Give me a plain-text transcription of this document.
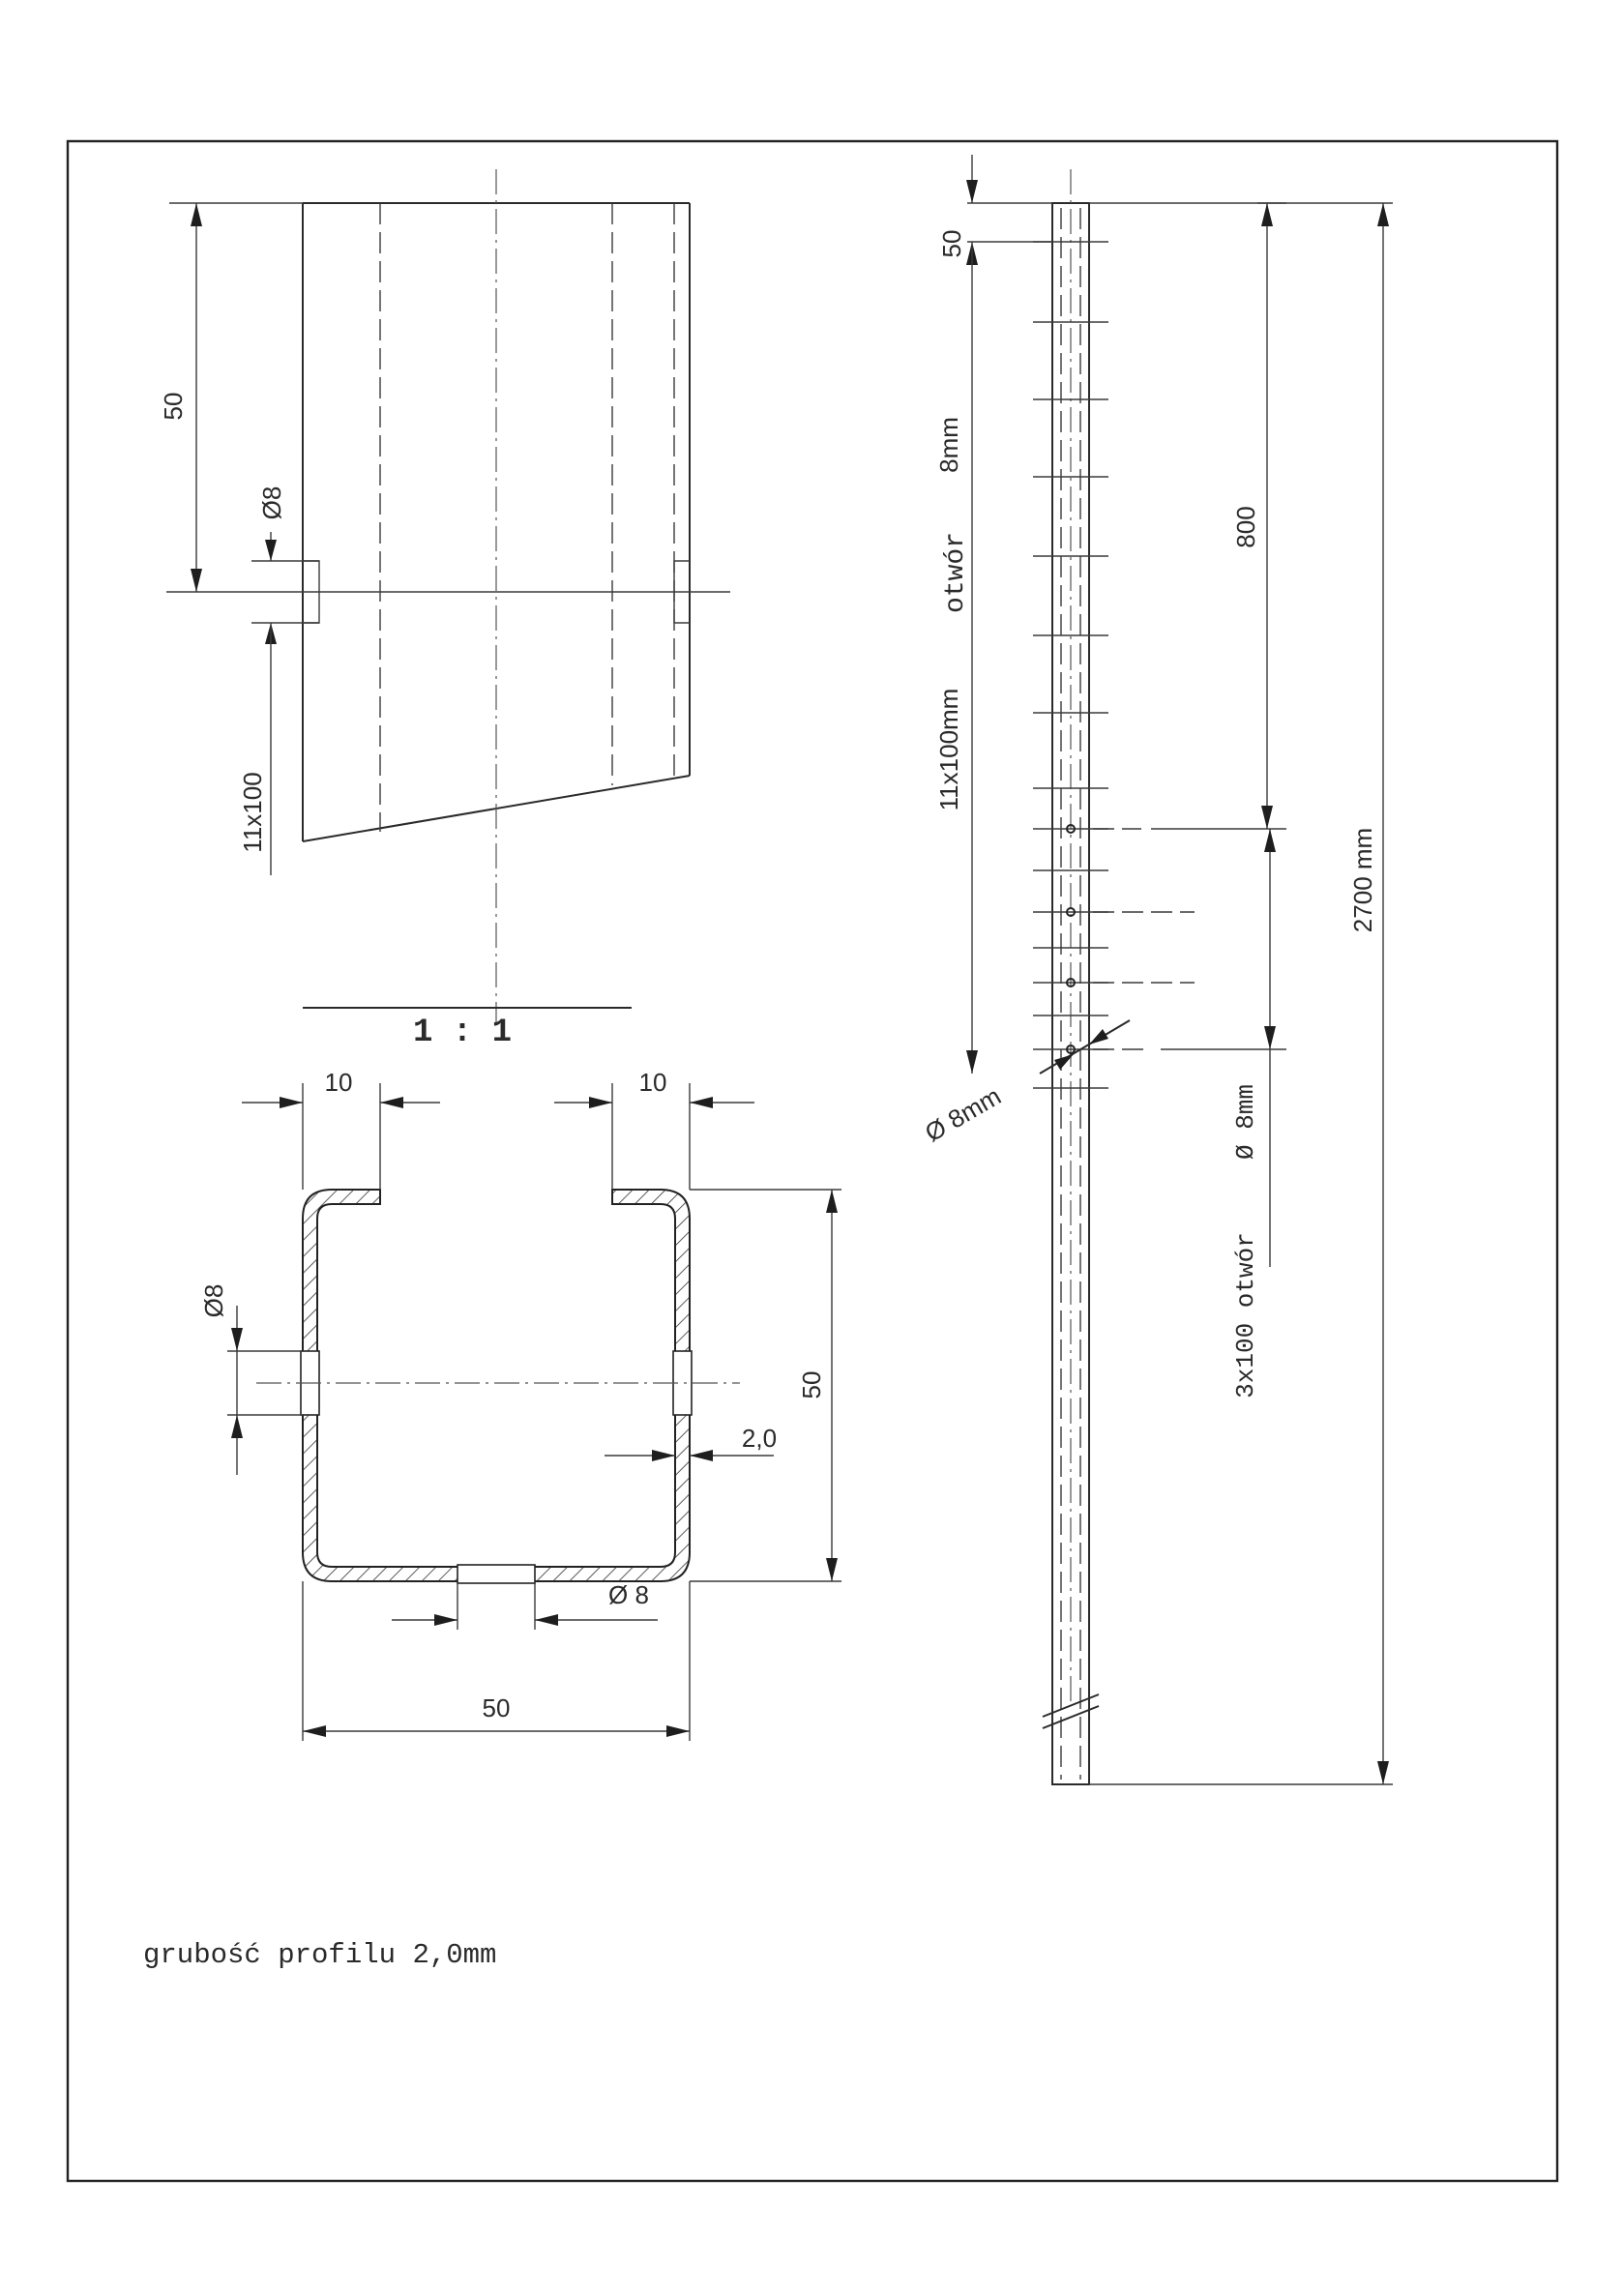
50
Ø8
11x100
1 : 1
10	10
Ø8
50
2,0
Ø 8
50
50
11x100mm
otwór
8mm
800
3x100 otwór
Ø 8mm
2700 mm
Ø 8mm
grubość profilu 2,0mm
